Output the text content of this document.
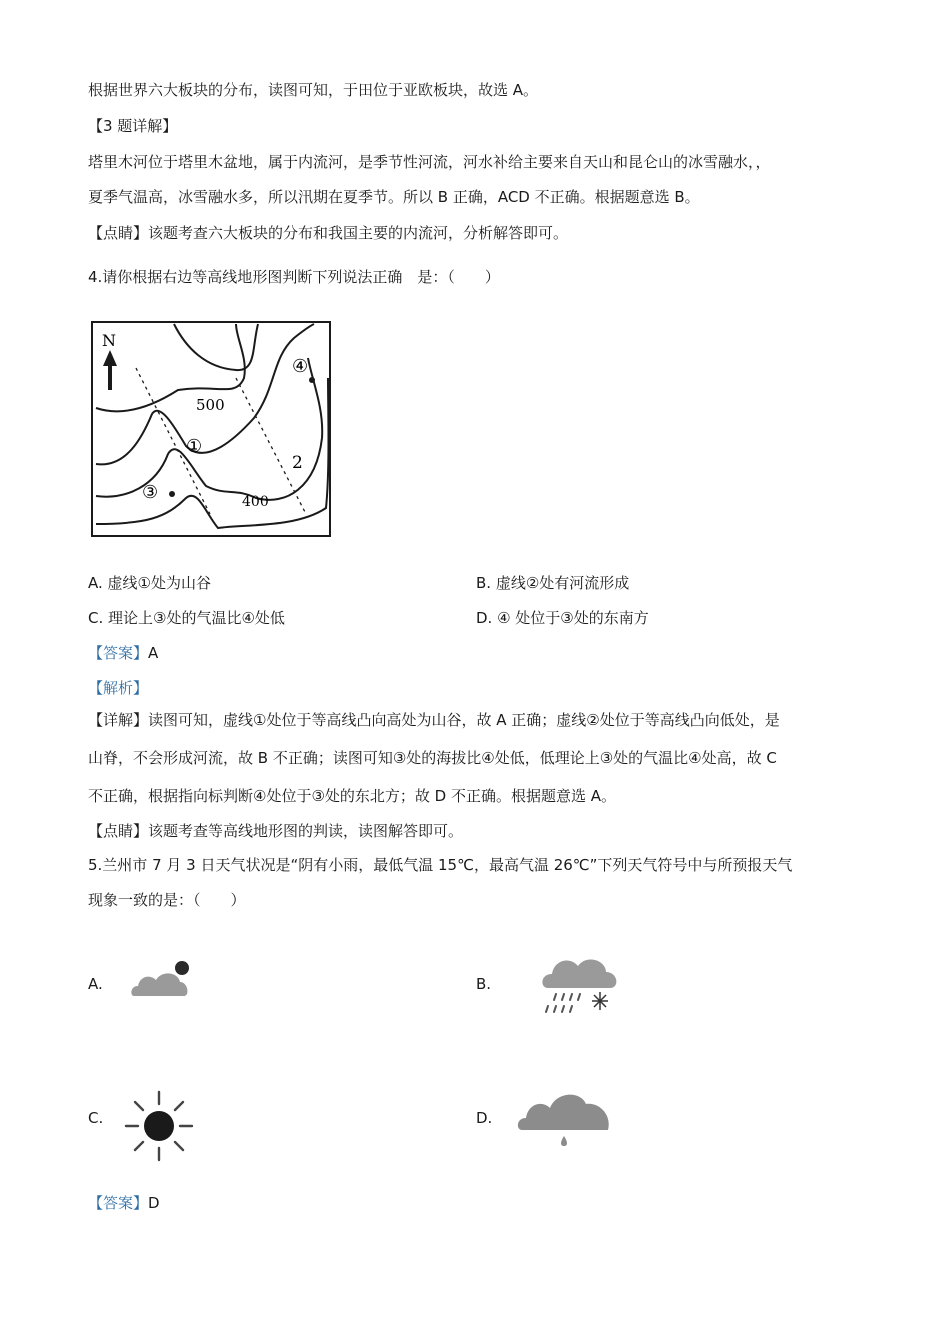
根据世界六大板块的分布，读图可知，于田位于亚欧板块，故选 A。
【3 题详解】
塔里木河位于塔里木盆地，属于内流河，是季节性河流，河水补给主要来自天山和昆仑山的冰雪融水，，
夏季气温高，冰雪融水多，所以汛期在夏季节。所以 B 正确，ACD 不正确。根据题意选 B。
【点睛】该题考查六大板块的分布和我国主要的内流河，分析解答即可。
4.请你根据右边等高线地形图判断下列说法正确　是：（　　）
N
500
400
①
2
③
④
A. 虚线①处为山谷	B. 虚线②处有河流形成
C. 理论上③处的气温比④处低	D. ④ 处位于③处的东南方
【答案】A
【解析】
【详解】读图可知，虚线①处位于等高线凸向高处为山谷，故 A 正确；虚线②处位于等高线凸向低处，是
山脊，不会形成河流，故 B 不正确；读图可知③处的海拔比④处低，低理论上③处的气温比④处高，故 C
不正确，根据指向标判断④处位于③处的东北方；故 D 不正确。根据题意选 A。
【点睛】该题考查等高线地形图的判读，读图解答即可。
5.兰州市 7 月 3 日天气状况是“阴有小雨，最低气温 15℃，最高气温 26℃”下列天气符号中与所预报天气
现象一致的是：（　　）
A.	B.
C.	D.
【答案】D
